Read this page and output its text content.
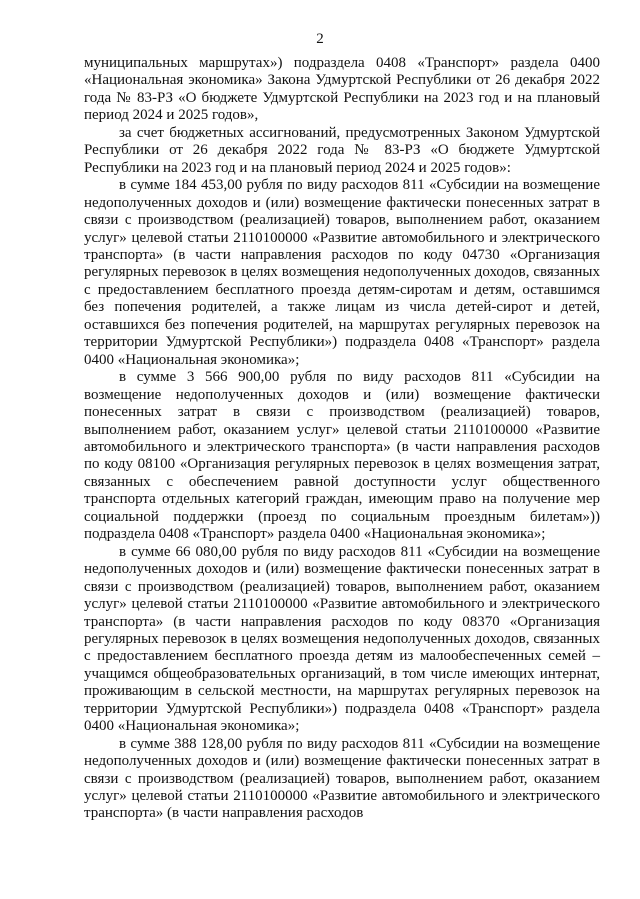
2

муниципальных маршрутах») подраздела 0408 «Транспорт» раздела 0400 «Национальная экономика» Закона Удмуртской Республики от 26 декабря 2022 года № 83-РЗ «О бюджете Удмуртской Республики на 2023 год и на плановый период 2024 и 2025 годов»,

за счет бюджетных ассигнований, предусмотренных Законом Удмуртской Республики от 26 декабря 2022 года № 83-РЗ «О бюджете Удмуртской Республики на 2023 год и на плановый период 2024 и 2025 годов»:

в сумме 184 453,00 рубля по виду расходов 811 «Субсидии на возмещение недополученных доходов и (или) возмещение фактически понесенных затрат в связи с производством (реализацией) товаров, выполнением работ, оказанием услуг» целевой статьи 2110100000 «Развитие автомобильного и электрического транспорта» (в части направления расходов по коду 04730 «Организация регулярных перевозок в целях возмещения недополученных доходов, связанных с предоставлением бесплатного проезда детям-сиротам и детям, оставшимся без попечения родителей, а также лицам из числа детей-сирот и детей, оставшихся без попечения родителей, на маршрутах регулярных перевозок на территории Удмуртской Республики») подраздела 0408 «Транспорт» раздела 0400 «Национальная экономика»;

в сумме 3 566 900,00 рубля по виду расходов 811 «Субсидии на возмещение недополученных доходов и (или) возмещение фактически понесенных затрат в связи с производством (реализацией) товаров, выполнением работ, оказанием услуг» целевой статьи 2110100000 «Развитие автомобильного и электрического транспорта» (в части направления расходов по коду 08100 «Организация регулярных перевозок в целях возмещения затрат, связанных с обеспечением равной доступности услуг общественного транспорта отдельных категорий граждан, имеющим право на получение мер социальной поддержки (проезд по социальным проездным билетам»)) подраздела 0408 «Транспорт» раздела 0400 «Национальная экономика»;

в сумме 66 080,00 рубля по виду расходов 811 «Субсидии на возмещение недополученных доходов и (или) возмещение фактически понесенных затрат в связи с производством (реализацией) товаров, выполнением работ, оказанием услуг» целевой статьи 2110100000 «Развитие автомобильного и электрического транспорта» (в части направления расходов по коду 08370 «Организация регулярных перевозок в целях возмещения недополученных доходов, связанных с предоставлением бесплатного проезда детям из малообеспеченных семей – учащимся общеобразовательных организаций, в том числе имеющих интернат, проживающим в сельской местности, на маршрутах регулярных перевозок на территории Удмуртской Республики») подраздела 0408 «Транспорт» раздела 0400 «Национальная экономика»;

в сумме 388 128,00 рубля по виду расходов 811 «Субсидии на возмещение недополученных доходов и (или) возмещение фактически понесенных затрат в связи с производством (реализацией) товаров, выполнением работ, оказанием услуг» целевой статьи 2110100000 «Развитие автомобильного и электрического транспорта» (в части направления расходов
